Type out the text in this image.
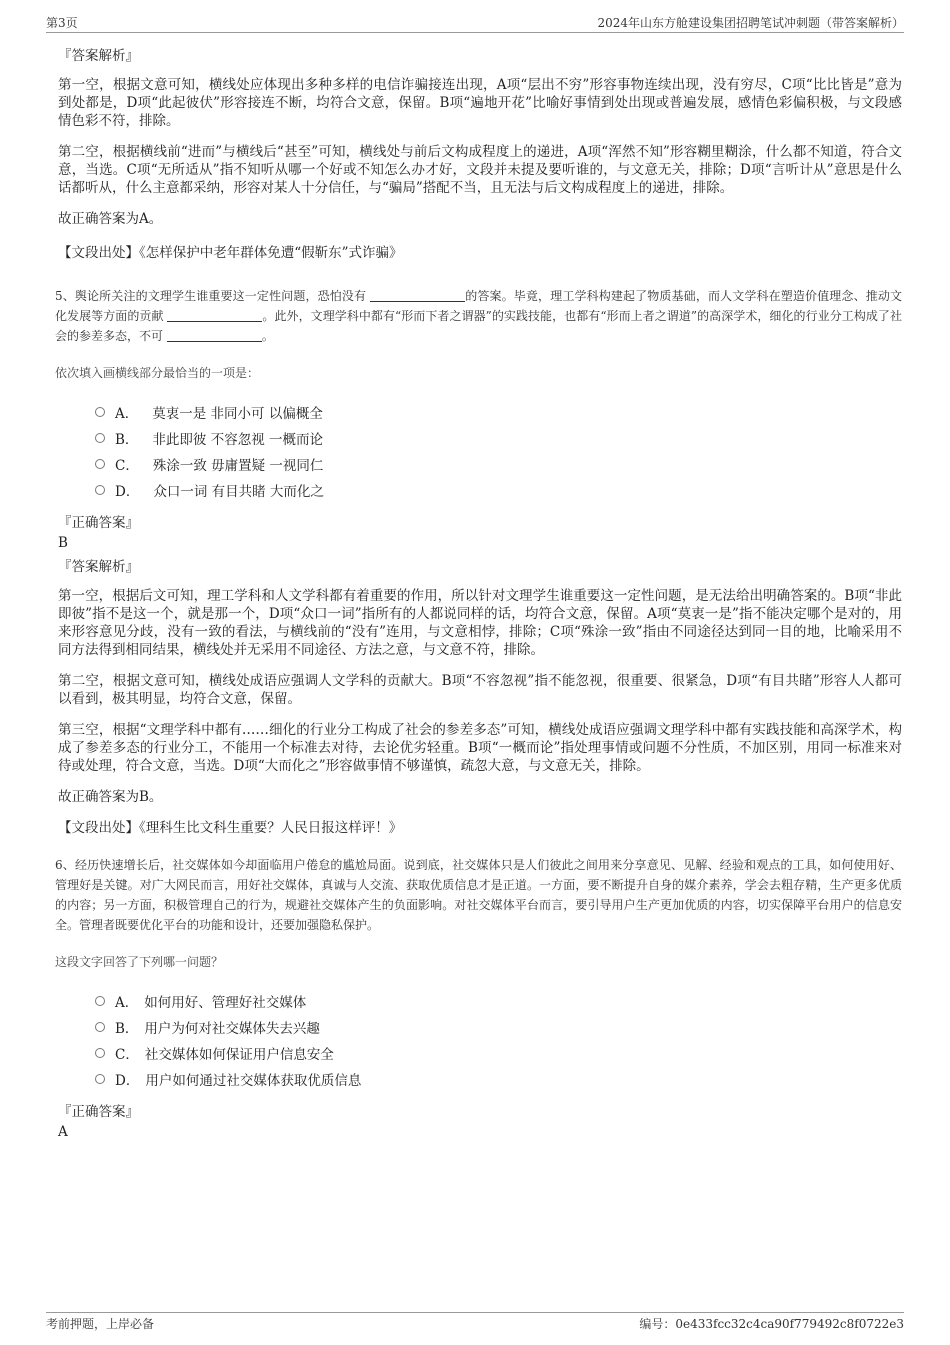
第3页	2024年山东方舱建设集团招聘笔试冲刺题（带答案解析）
『答案解析』

第一空，根据文意可知，横线处应体现出多种多样的电信诈骗接连出现，A项“层出不穷”形容事物连续出现，没有穷尽，C项“比比皆是”意为到处都是，D项“此起彼伏”形容接连不断，均符合文意，保留。B项“遍地开花”比喻好事情到处出现或普遍发展，感情色彩偏积极，与文段感情色彩不符，排除。

第二空，根据横线前“进而”与横线后“甚至”可知，横线处与前后文构成程度上的递进，A项“浑然不知”形容糊里糊涂，什么都不知道，符合文意，当选。C项“无所适从”指不知听从哪一个好或不知怎么办才好，文段并未提及要听谁的，与文意无关，排除；D项“言听计从”意思是什么话都听从，什么主意都采纳，形容对某人十分信任，与“骗局”搭配不当，且无法与后文构成程度上的递进，排除。

故正确答案为A。

【文段出处】《怎样保护中老年群体免遭“假靳东”式诈骗》

5、舆论所关注的文理学生谁重要这一定性问题，恐怕没有	的答案。毕竟，理工学科构建起了物质基础，而人文学科在塑造价值理念、推动文化发展等方面的贡献	。此外，文理学科中都有“形而下者之谓器”的实践技能，也都有“形而上者之谓道”的高深学术，细化的行业分工构成了社会的参差多态，不可	。

依次填入画横线部分最恰当的一项是：
A． 莫衷一是 非同小可 以偏概全
B． 非此即彼 不容忽视 一概而论
C． 殊涂一致 毋庸置疑 一视同仁
D． 众口一词 有目共睹 大而化之
『正确答案』
B
『答案解析』

第一空，根据后文可知，理工学科和人文学科都有着重要的作用，所以针对文理学生谁重要这一定性问题，是无法给出明确答案的。B项“非此即彼”指不是这一个，就是那一个，D项“众口一词”指所有的人都说同样的话，均符合文意，保留。A项“莫衷一是”指不能决定哪个是对的，用来形容意见分歧，没有一致的看法，与横线前的“没有”连用，与文意相悖，排除；C项“殊涂一致”指由不同途径达到同一目的地，比喻采用不同方法得到相同结果，横线处并无采用不同途径、方法之意，与文意不符，排除。

第二空，根据文意可知，横线处成语应强调人文学科的贡献大。B项“不容忽视”指不能忽视，很重要、很紧急，D项“有目共睹”形容人人都可以看到，极其明显，均符合文意，保留。

第三空，根据“文理学科中都有……细化的行业分工构成了社会的参差多态”可知，横线处成语应强调文理学科中都有实践技能和高深学术，构成了参差多态的行业分工，不能用一个标准去对待，去论优劣轻重。B项“一概而论”指处理事情或问题不分性质，不加区别，用同一标准来对待或处理，符合文意，当选。D项“大而化之”形容做事情不够谨慎，疏忽大意，与文意无关，排除。

故正确答案为B。

【文段出处】《理科生比文科生重要？人民日报这样评！》

6、经历快速增长后，社交媒体如今却面临用户倦怠的尴尬局面。说到底，社交媒体只是人们彼此之间用来分享意见、见解、经验和观点的工具，如何使用好、管理好是关键。对广大网民而言，用好社交媒体，真诚与人交流、获取优质信息才是正道。一方面，要不断提升自身的媒介素养，学会去粗存精，生产更多优质的内容；另一方面，积极管理自己的行为，规避社交媒体产生的负面影响。对社交媒体平台而言，要引导用户生产更加优质的内容，切实保障平台用户的信息安全。管理者既要优化平台的功能和设计，还要加强隐私保护。

这段文字回答了下列哪一问题？
A． 如何用好、管理好社交媒体
B． 用户为何对社交媒体失去兴趣
C． 社交媒体如何保证用户信息安全
D． 用户如何通过社交媒体获取优质信息
『正确答案』
A
考前押题，上岸必备	编号：0e433fcc32c4ca90f779492c8f0722e3
